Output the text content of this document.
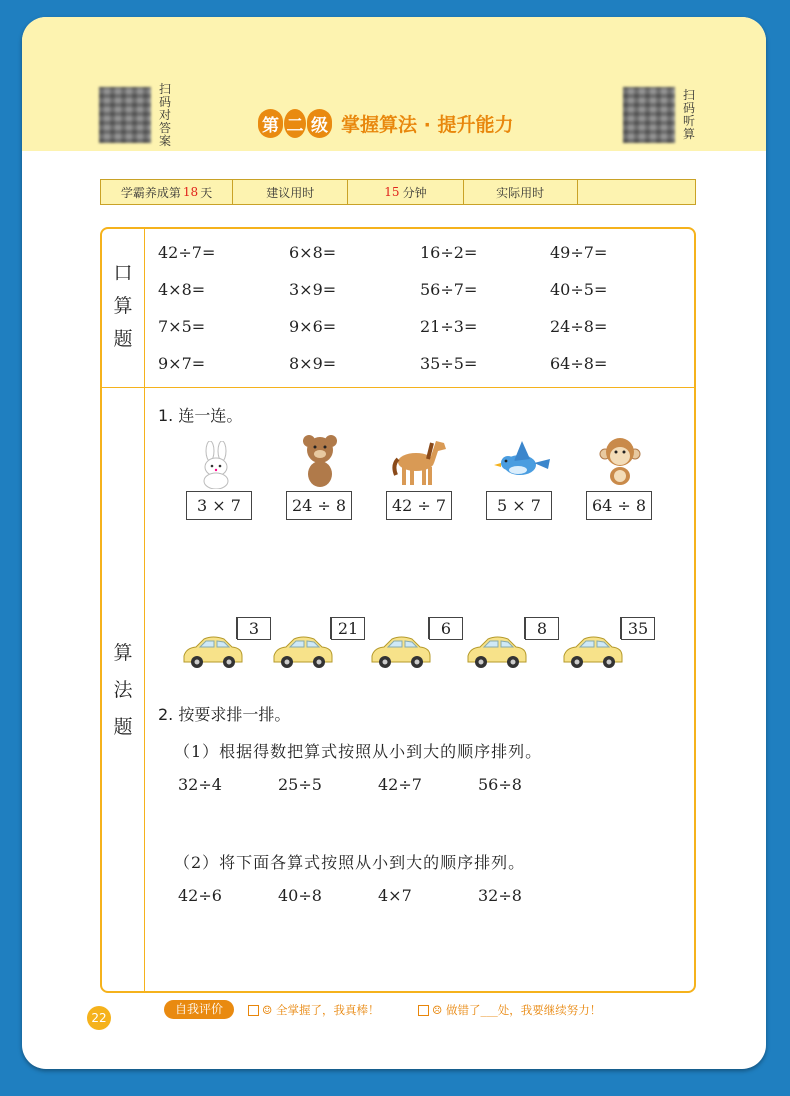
扫
码
对
答
案
扫
码
听
算
第 二 级 掌握算法 · 提升能力
学霸养成第 18 天	建议用时	15 分钟	实际用时
口
算
题
42÷7=	6×8=	16÷2=	49÷7=
4×8=	3×9=	56÷7=	40÷5=
7×5=	9×6=	21÷3=	24÷8=
9×7=	8×9=	35÷5=	64÷8=
算
法
题
1. 连一连。
3 × 7	24 ÷ 8	42 ÷ 7	5 × 7	64 ÷ 8
3	21	6	8	35
2. 按要求排一排。
（1）根据得数把算式按照从小到大的顺序排列。
32÷4	25÷5	42÷7	56÷8
（2）将下面各算式按照从小到大的顺序排列。
42÷6	40÷8	4×7	32÷8
自我评价	☺ 全掌握了，我真棒！	☹ 做错了___处，我要继续努力！
22
